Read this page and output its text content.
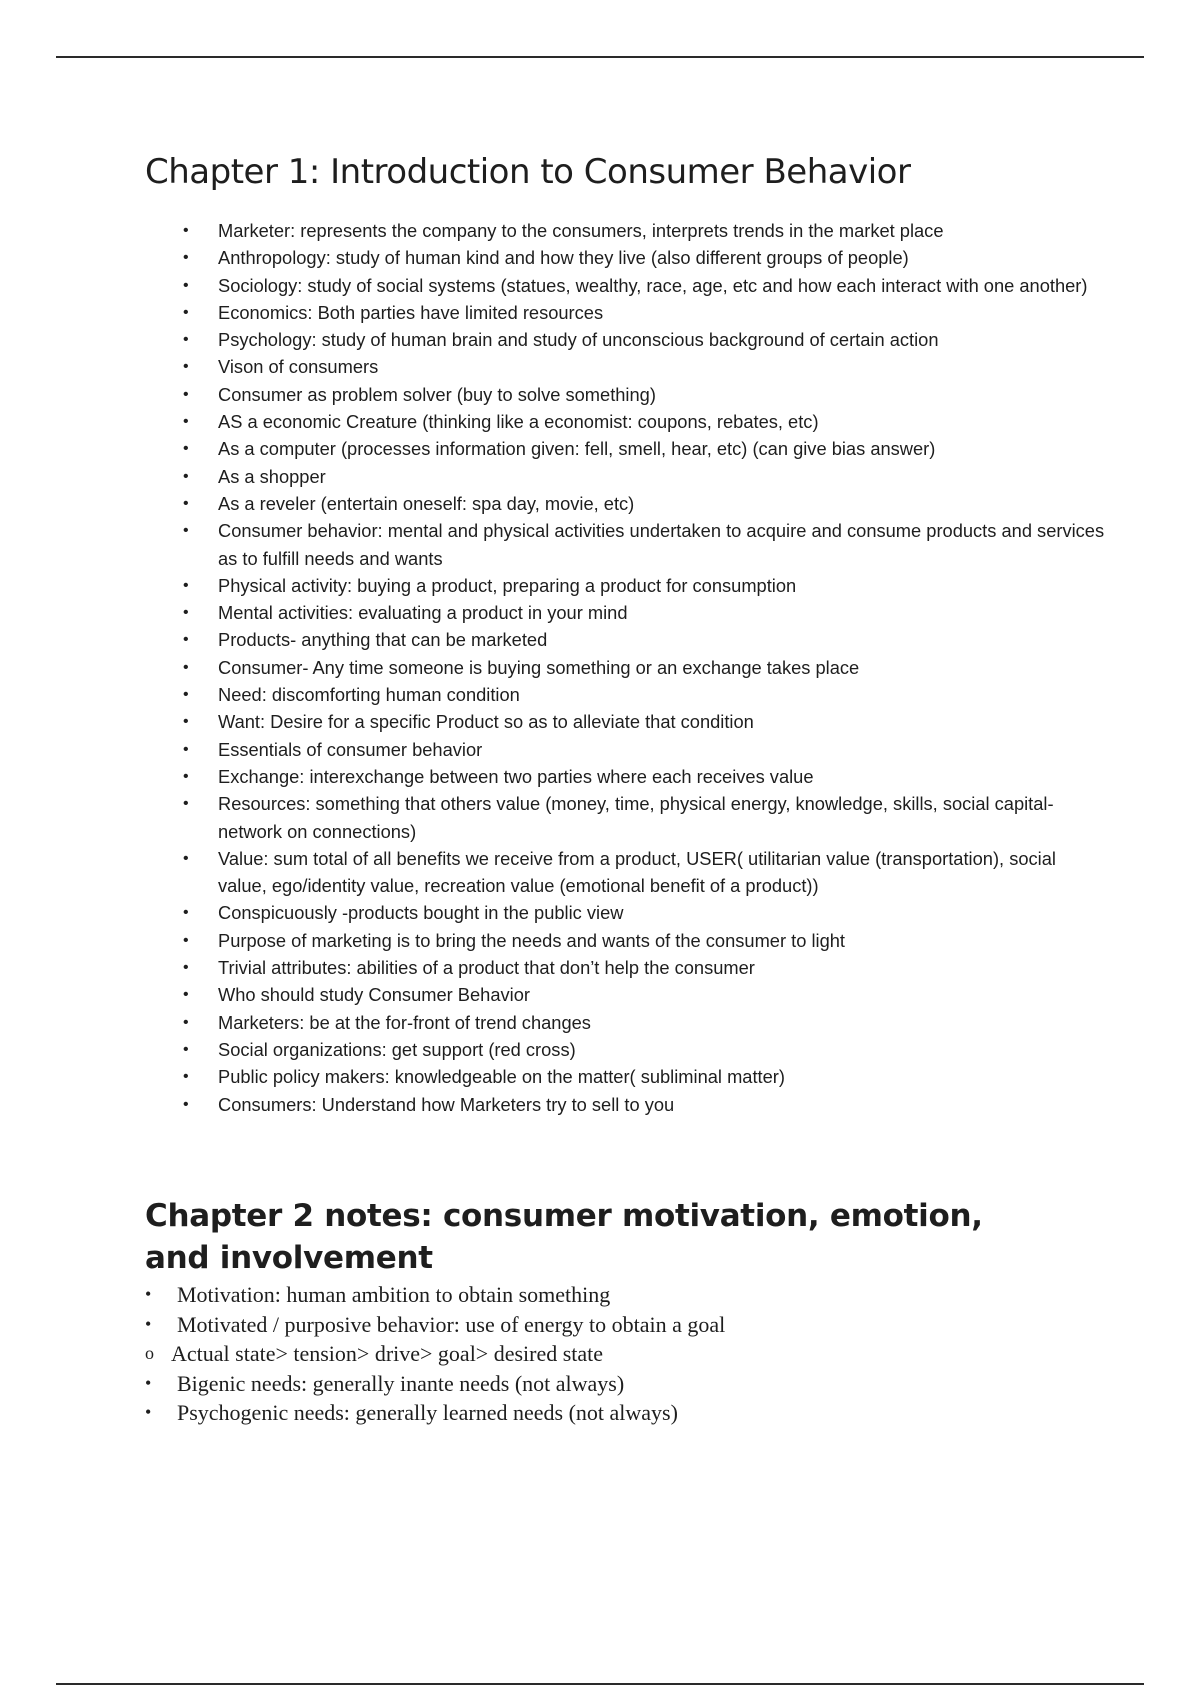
Chapter 1: Introduction to Consumer Behavior
• Marketer: represents the company to the consumers, interprets trends in the market place
• Anthropology: study of human kind and how they live (also different groups of people)
• Sociology: study of social systems (statues, wealthy, race, age, etc and how each interact with one another)
• Economics: Both parties have limited resources
• Psychology: study of human brain and study of unconscious background of certain action
• Vison of consumers
• Consumer as problem solver (buy to solve something)
• AS a economic Creature (thinking like a economist: coupons, rebates, etc)
• As a computer (processes information given: fell, smell, hear, etc) (can give bias answer)
• As a shopper
• As a reveler (entertain oneself: spa day, movie, etc)
• Consumer behavior: mental and physical activities undertaken to acquire and consume products and services as to fulfill needs and wants
• Physical activity: buying a product, preparing a product for consumption
• Mental activities: evaluating a product in your mind
• Products- anything that can be marketed
• Consumer- Any time someone is buying something or an exchange takes place
• Need: discomforting human condition
• Want: Desire for a specific Product so as to alleviate that condition
• Essentials of consumer behavior
• Exchange: interexchange between two parties where each receives value
• Resources: something that others value (money, time, physical energy, knowledge, skills, social capital- network on connections)
• Value: sum total of all benefits we receive from a product, USER( utilitarian value (transportation), social value, ego/identity value, recreation value (emotional benefit of a product))
• Conspicuously -products bought in the public view
• Purpose of marketing is to bring the needs and wants of the consumer to light
• Trivial attributes: abilities of a product that don’t help the consumer
• Who should study Consumer Behavior
• Marketers: be at the for-front of trend changes
• Social organizations: get support (red cross)
• Public policy makers: knowledgeable on the matter( subliminal matter)
• Consumers: Understand how Marketers try to sell to you
Chapter 2 notes: consumer motivation, emotion, and involvement
• Motivation: human ambition to obtain something
• Motivated / purposive behavior: use of energy to obtain a goal
o Actual state> tension> drive> goal> desired state
• Bigenic needs: generally inante needs (not always)
• Psychogenic needs: generally learned needs (not always)
